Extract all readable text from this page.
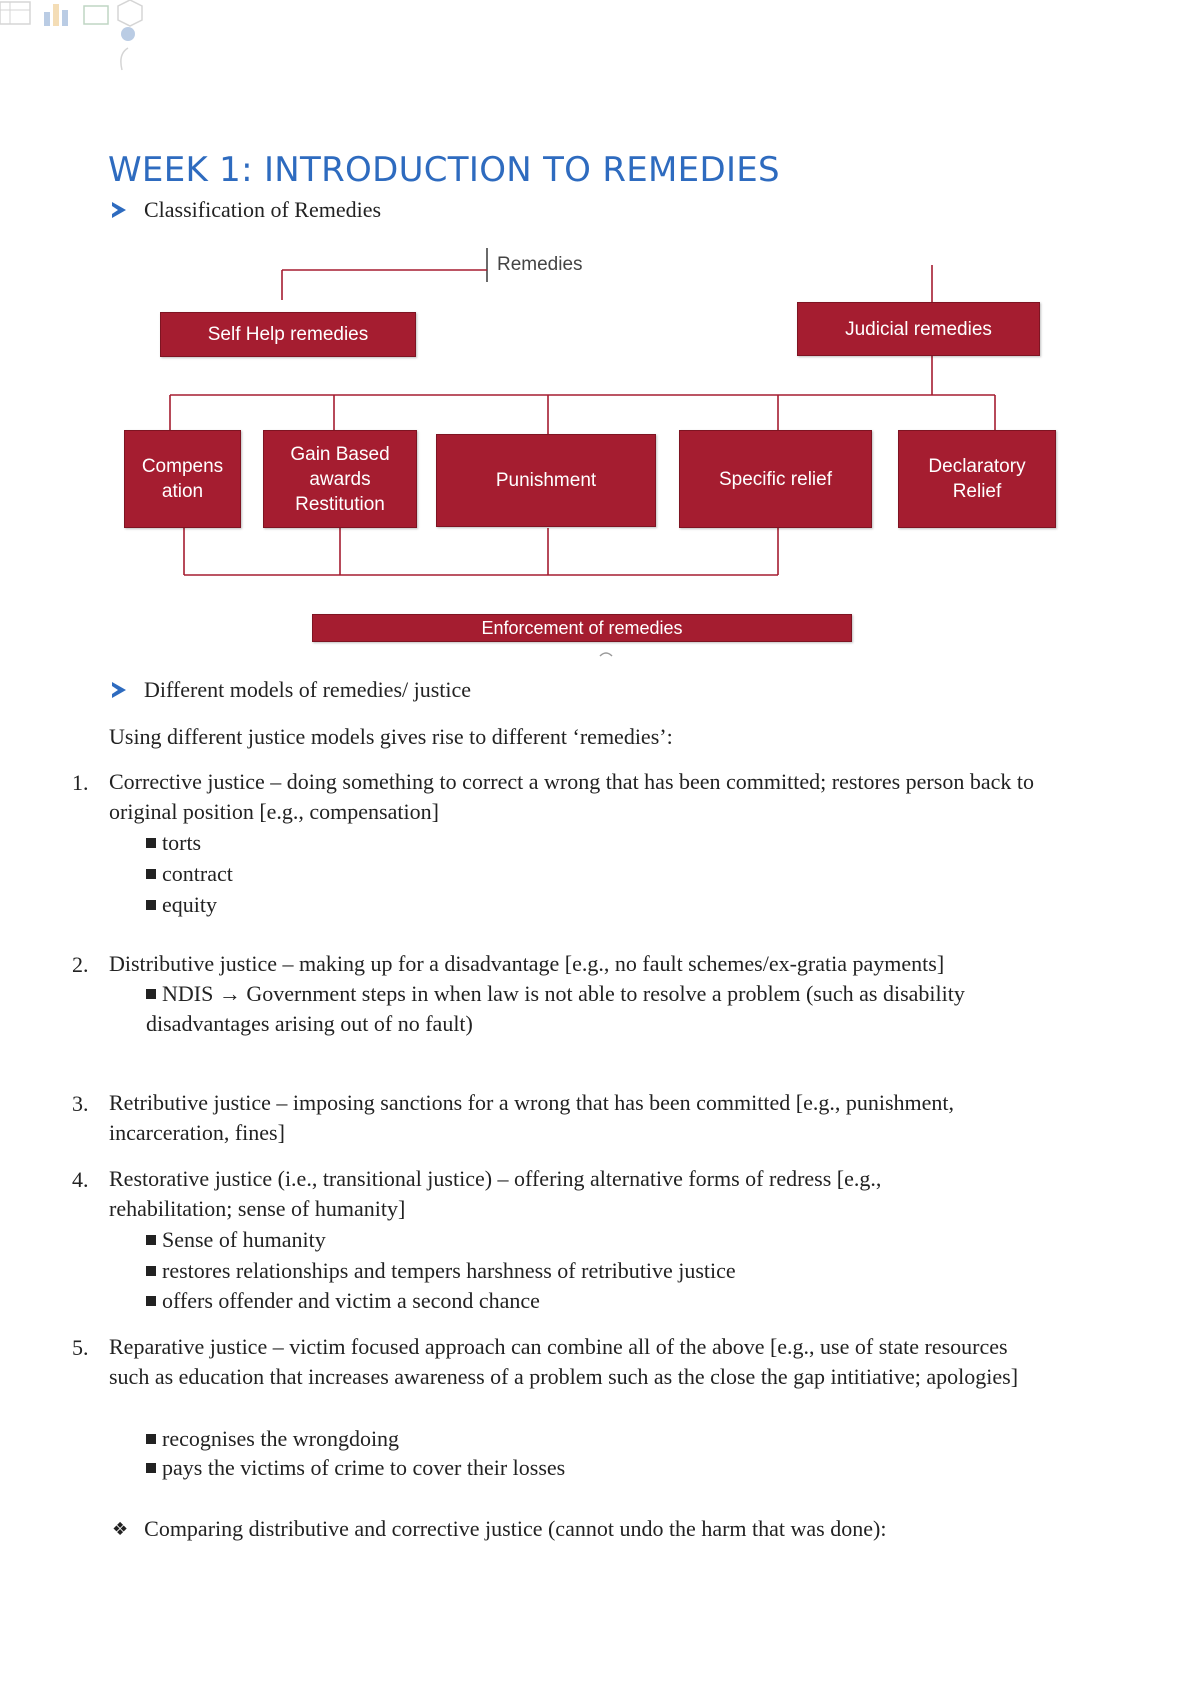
WEEK 1: INTRODUCTION TO REMEDIES
Classification of Remedies
Remedies
Self Help remedies	Judicial remedies
Compens
ation
Gain Based
awards
Restitution
Punishment	Specific relief
Declaratory
Relief
Enforcement of remedies
Different models of remedies/ justice
Using different justice models gives rise to different ‘remedies’:
1. Corrective justice – doing something to correct a wrong that has been committed; restores person back to original position [e.g., compensation]
torts
contract
equity
2. Distributive justice – making up for a disadvantage [e.g., no fault schemes/ex-gratia payments]
NDIS → Government steps in when law is not able to resolve a problem (such as disability disadvantages arising out of no fault)
3. Retributive justice – imposing sanctions for a wrong that has been committed [e.g., punishment, incarceration, fines]
4. Restorative justice (i.e., transitional justice) – offering alternative forms of redress [e.g., rehabilitation; sense of humanity]
Sense of humanity
restores relationships and tempers harshness of retributive justice
offers offender and victim a second chance
5. Reparative justice – victim focused approach can combine all of the above [e.g., use of state resources such as education that increases awareness of a problem such as the close the gap intitiative; apologies]
recognises the wrongdoing
pays the victims of crime to cover their losses
❖ Comparing distributive and corrective justice (cannot undo the harm that was done):
